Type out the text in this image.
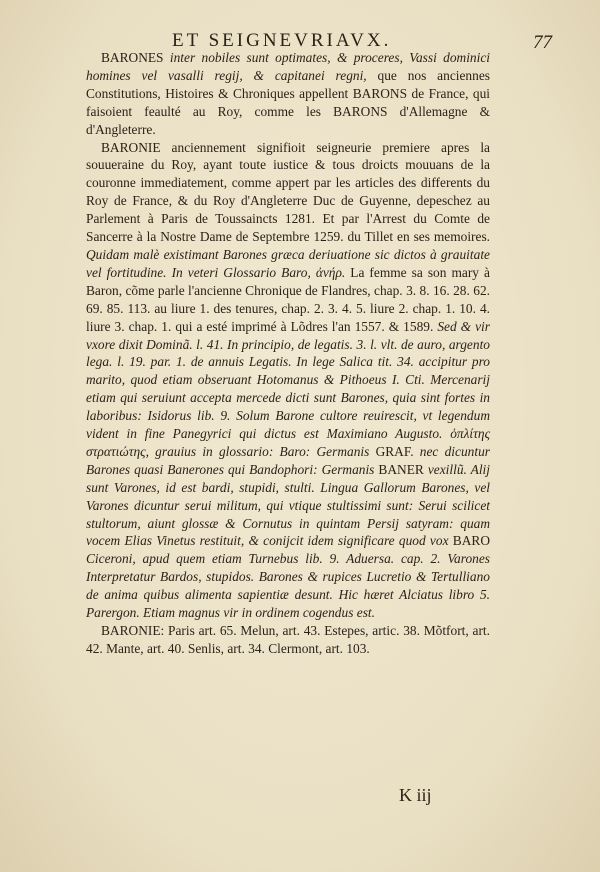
ET SEIGNEVRIAVX.	77

BARONES inter nobiles sunt optimates, & proceres, Vassi dominici homines vel vasalli regij, & capitanei regni, que nos anciennes Constitutions, Histoires & Chroniques appellent BARONS de France, qui faisoient feaulté au Roy, comme les BARONS d'Allemagne & d'Angleterre.

BARONIE anciennement signifioit seigneurie premiere apres la souueraine du Roy, ayant toute iustice & tous droicts mouuans de la couronne immediatement, comme appert par les articles des differents du Roy de France, & du Roy d'Angleterre Duc de Guyenne, depeschez au Parlement à Paris de Toussaincts 1281. Et par l'Arrest du Comte de Sancerre à la Nostre Dame de Septembre 1259. du Tillet en ses memoires. Quidam malè existimant Barones græca deriuatione sic dictos à grauitate vel fortitudine. In veteri Glossario Baro, ἀνήρ. La femme sa son mary à Baron, cõme parle l'ancienne Chronique de Flandres, chap. 3. 8. 16. 28. 62. 69. 85. 113. au liure 1. des tenures, chap. 2. 3. 4. 5. liure 2. chap. 1. 10. 4. liure 3. chap. 1. qui a esté imprimé à Lõdres l'an 1557. & 1589. Sed & vir vxore dixit Dominã. l. 41. In principio, de legatis. 3. l. vlt. de auro, argento lega. l. 19. par. 1. de annuis Legatis. In lege Salica tit. 34. accipitur pro marito, quod etiam obseruant Hotomanus & Pithoeus I. Cti. Mercenarij etiam qui seruiunt accepta mercede dicti sunt Barones, quia sint fortes in laboribus: Isidorus lib. 9. Solum Barone cultore reuirescit, vt legendum vident in fine Panegyrici qui dictus est Maximiano Augusto. ὁπλίτης στρατιώτης, grauius in glossario: Baro: Germanis GRAF. nec dicuntur Barones quasi Banerones qui Bandophori: Germanis BANER vexillũ. Alij sunt Varones, id est bardi, stupidi, stulti. Lingua Gallorum Barones, vel Varones dicuntur serui militum, qui vtique stultissimi sunt: Serui scilicet stultorum, aiunt glossæ & Cornutus in quintam Persij satyram: quam vocem Elias Vinetus restituit, & conijcit idem significare quod vox BARO Ciceroni, apud quem etiam Turnebus lib. 9. Aduersa. cap. 2. Varones Interpretatur Bardos, stupidos. Barones & rupices Lucretio & Tertulliano de anima quibus alimenta sapientiæ desunt. Hic hæret Alciatus libro 5. Parergon. Etiam magnus vir in ordinem cogendus est.

BARONIE: Paris art. 65. Melun, art. 43. Estepes, artic. 38. Mõtfort, art. 42. Mante, art. 40. Senlis, art. 34. Clermont, art. 103.

K iij
